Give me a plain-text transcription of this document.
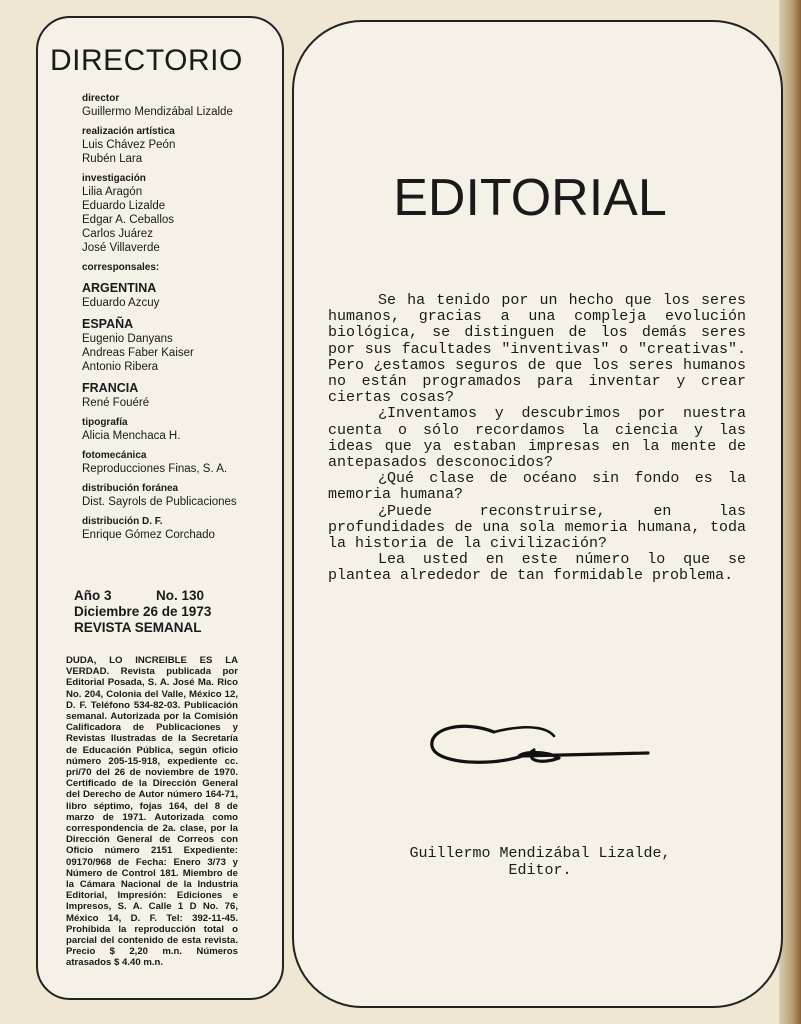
DIRECTORIO
director
Guillermo Mendizábal Lizalde
realización artística
Luis Chávez Peón
Rubén Lara
investigación
Lilia Aragón
Eduardo Lizalde
Edgar A. Ceballos
Carlos Juárez
José Villaverde
corresponsales:
ARGENTINA
Eduardo Azcuy
ESPAÑA
Eugenio Danyans
Andreas Faber Kaiser
Antonio Ribera
FRANCIA
René Fouéré
tipografía
Alicia Menchaca H.
fotomecánica
Reproducciones Finas, S. A.
distribución foránea
Dist. Sayrols de Publicaciones
distribución D. F.
Enrique Gómez Corchado
Año 3	No. 130
Diciembre 26 de 1973
REVISTA SEMANAL
DUDA, LO INCREIBLE ES LA VERDAD. Revista publicada por Editorial Posada, S. A. José Ma. Rico No. 204, Colonia del Valle, México 12, D. F. Teléfono 534-82-03. Publicación semanal. Autorizada por la Comisión Calificadora de Publicaciones y Revistas Ilustradas de la Secretaría de Educación Pública, según oficio número 205-15-918, expediente cc. pri/70 del 26 de noviembre de 1970. Certificado de la Dirección General del Derecho de Autor número 164-71, libro séptimo, fojas 164, del 8 de marzo de 1971. Autorizada como correspondencia de 2a. clase, por la Dirección General de Correos con Oficio número 2151 Expediente: 09170/968 de Fecha: Enero 3/73 y Número de Control 181. Miembro de la Cámara Nacional de la Industria Editorial, Impresión: Ediciones e Impresos, S. A. Calle 1 D No. 76, México 14, D. F. Tel: 392-11-45. Prohibida la reproducción total o parcial del contenido de esta revista. Precio $ 2,20 m.n. Números atrasados $ 4.40 m.n.
EDITORIAL

Se ha tenido por un hecho que los seres humanos, gracias a una compleja evolución biológica, se distinguen de los demás seres por sus facultades "inventivas" o "creativas". Pero ¿estamos seguros de que los seres humanos no están programados para inventar y crear ciertas cosas?

¿Inventamos y descubrimos por nuestra cuenta o sólo recordamos la ciencia y las ideas que ya estaban impresas en la mente de antepasados desconocidos?

¿Qué clase de océano sin fondo es la memoria humana?

¿Puede reconstruirse, en las profundidades de una sola memoria humana, toda la historia de la civilización?

Lea usted en este número lo que se plantea alrededor de tan formidable problema.

Guillermo Mendizábal Lizalde,
Editor.
